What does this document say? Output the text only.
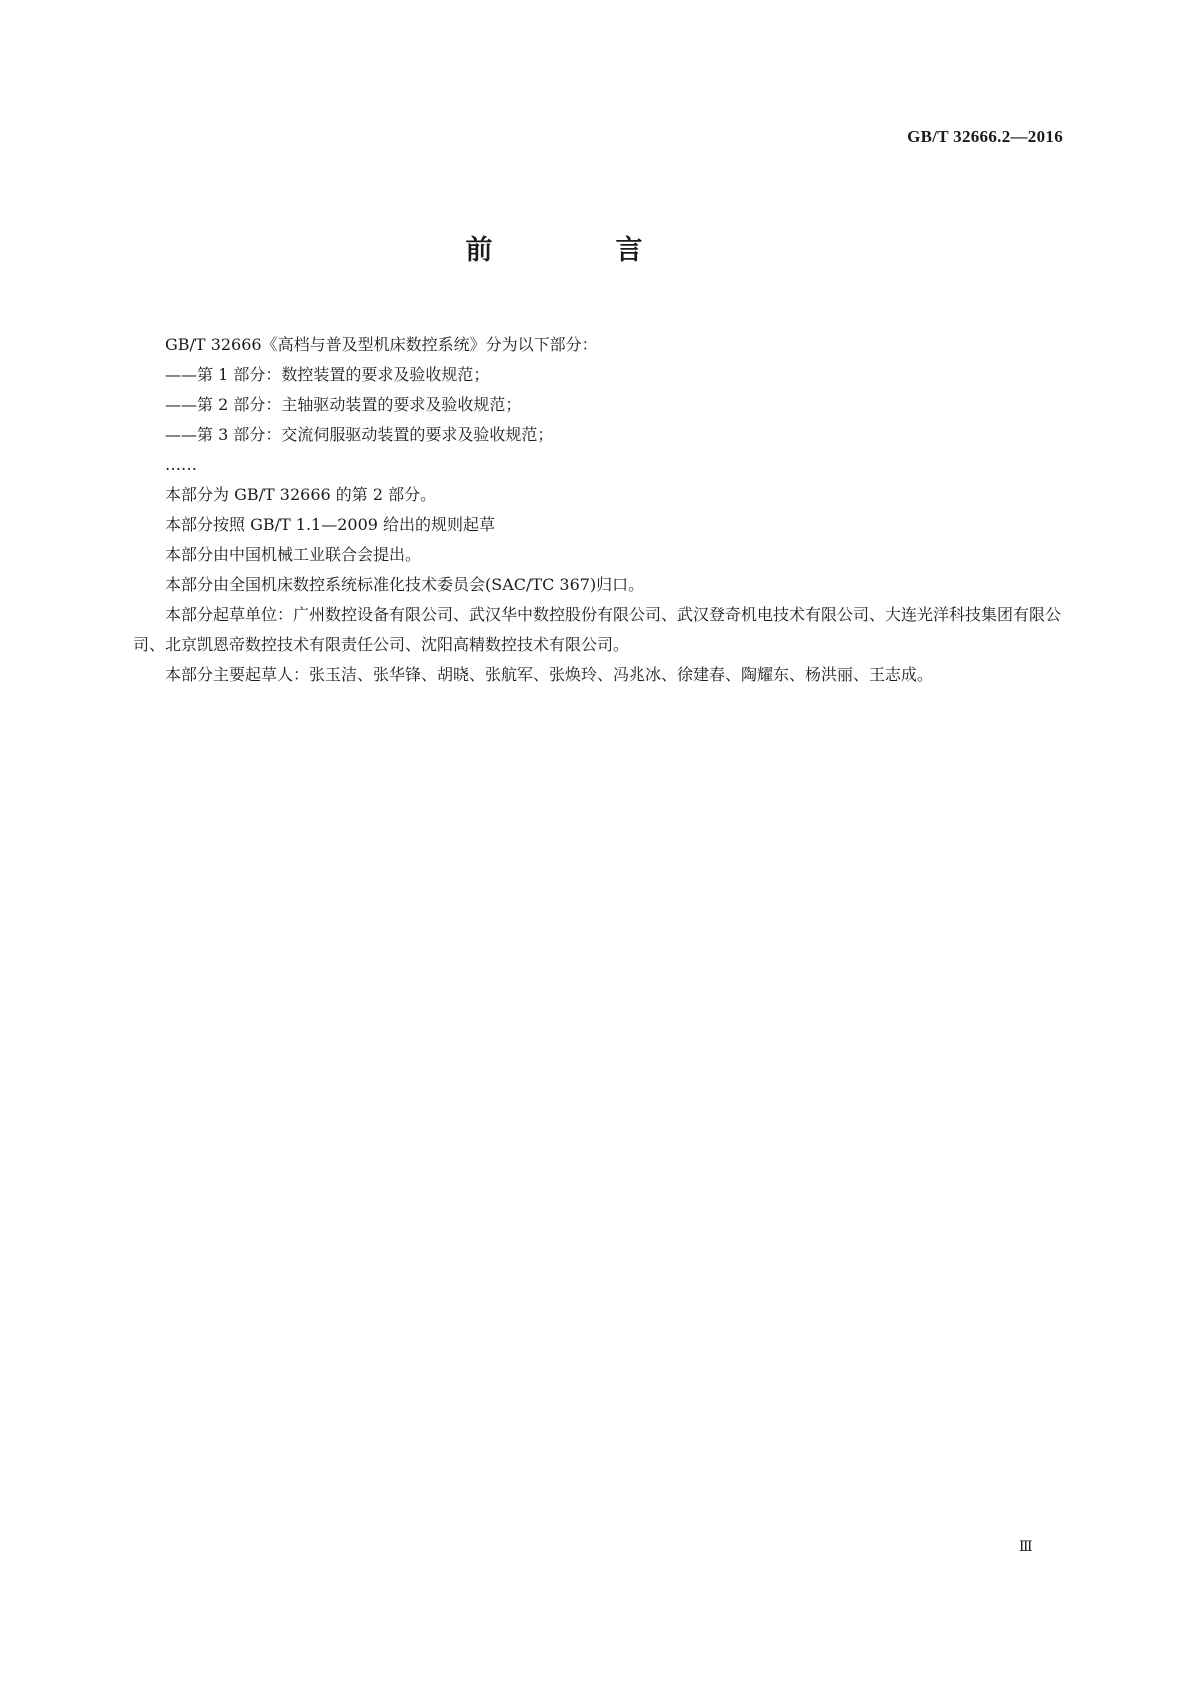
GB/T 32666.2—2016
前　言

GB/T 32666《高档与普及型机床数控系统》分为以下部分：

——第 1 部分：数控装置的要求及验收规范；

——第 2 部分：主轴驱动装置的要求及验收规范；

——第 3 部分：交流伺服驱动装置的要求及验收规范；

……

本部分为 GB/T 32666 的第 2 部分。

本部分按照 GB/T 1.1—2009 给出的规则起草

本部分由中国机械工业联合会提出。

本部分由全国机床数控系统标准化技术委员会(SAC/TC 367)归口。

本部分起草单位：广州数控设备有限公司、武汉华中数控股份有限公司、武汉登奇机电技术有限公司、大连光洋科技集团有限公司、北京凯恩帝数控技术有限责任公司、沈阳高精数控技术有限公司。

本部分主要起草人：张玉洁、张华锋、胡晓、张航军、张焕玲、冯兆冰、徐建春、陶耀东、杨洪丽、王志成。

Ⅲ
